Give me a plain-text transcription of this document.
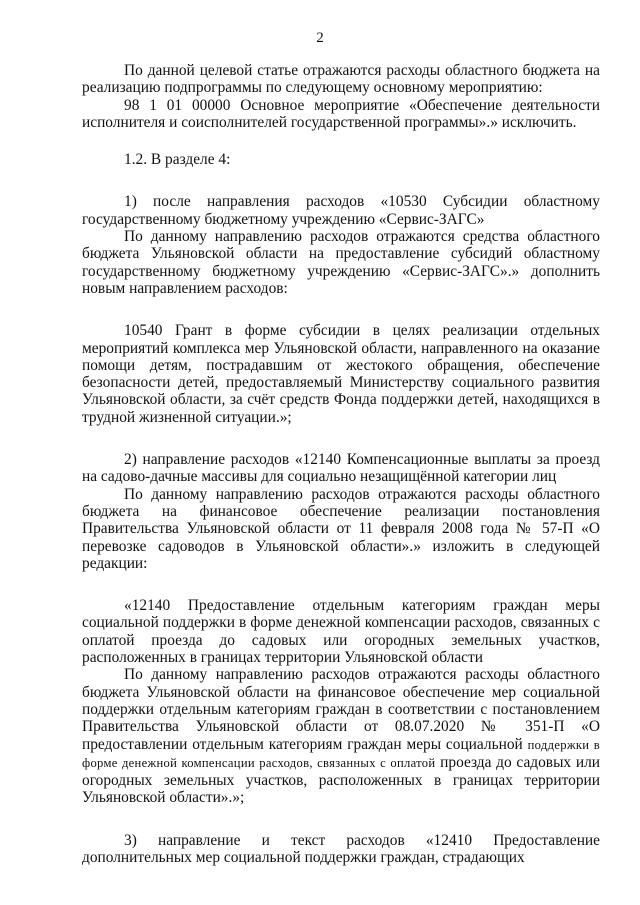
2

По данной целевой статье отражаются расходы областного бюджета на реализацию подпрограммы по следующему основному мероприятию:

98 1 01 00000 Основное мероприятие «Обеспечение деятельности исполнителя и соисполнителей государственной программы».» исключить.

1.2. В разделе 4:

1) после направления расходов «10530 Субсидии областному государственному бюджетному учреждению «Сервис-ЗАГС»

По данному направлению расходов отражаются средства областного бюджета Ульяновской области на предоставление субсидий областному государственному бюджетному учреждению «Сервис-ЗАГС».» дополнить новым направлением расходов:

10540 Грант в форме субсидии в целях реализации отдельных мероприятий комплекса мер Ульяновской области, направленного на оказание помощи детям, пострадавшим от жестокого обращения, обеспечение безопасности детей, предоставляемый Министерству социального развития Ульяновской области, за счёт средств Фонда поддержки детей, находящихся в трудной жизненной ситуации.»;

2) направление расходов «12140 Компенсационные выплаты за проезд на садово-дачные массивы для социально незащищённой категории лиц

По данному направлению расходов отражаются расходы областного бюджета на финансовое обеспечение реализации постановления Правительства Ульяновской области от 11 февраля 2008 года № 57-П «О перевозке садоводов в Ульяновской области».» изложить в следующей редакции:

«12140 Предоставление отдельным категориям граждан меры социальной поддержки в форме денежной компенсации расходов, связанных с оплатой проезда до садовых или огородных земельных участков, расположенных в границах территории Ульяновской области

По данному направлению расходов отражаются расходы областного бюджета Ульяновской области на финансовое обеспечение мер социальной поддержки отдельным категориям граждан в соответствии с постановлением Правительства Ульяновской области от 08.07.2020 № 351-П «О предоставлении отдельным категориям граждан меры социальной поддержки в форме денежной компенсации расходов, связанных с оплатой проезда до садовых или огородных земельных участков, расположенных в границах территории Ульяновской области».»;

3) направление и текст расходов «12410 Предоставление дополнительных мер социальной поддержки граждан, страдающих
